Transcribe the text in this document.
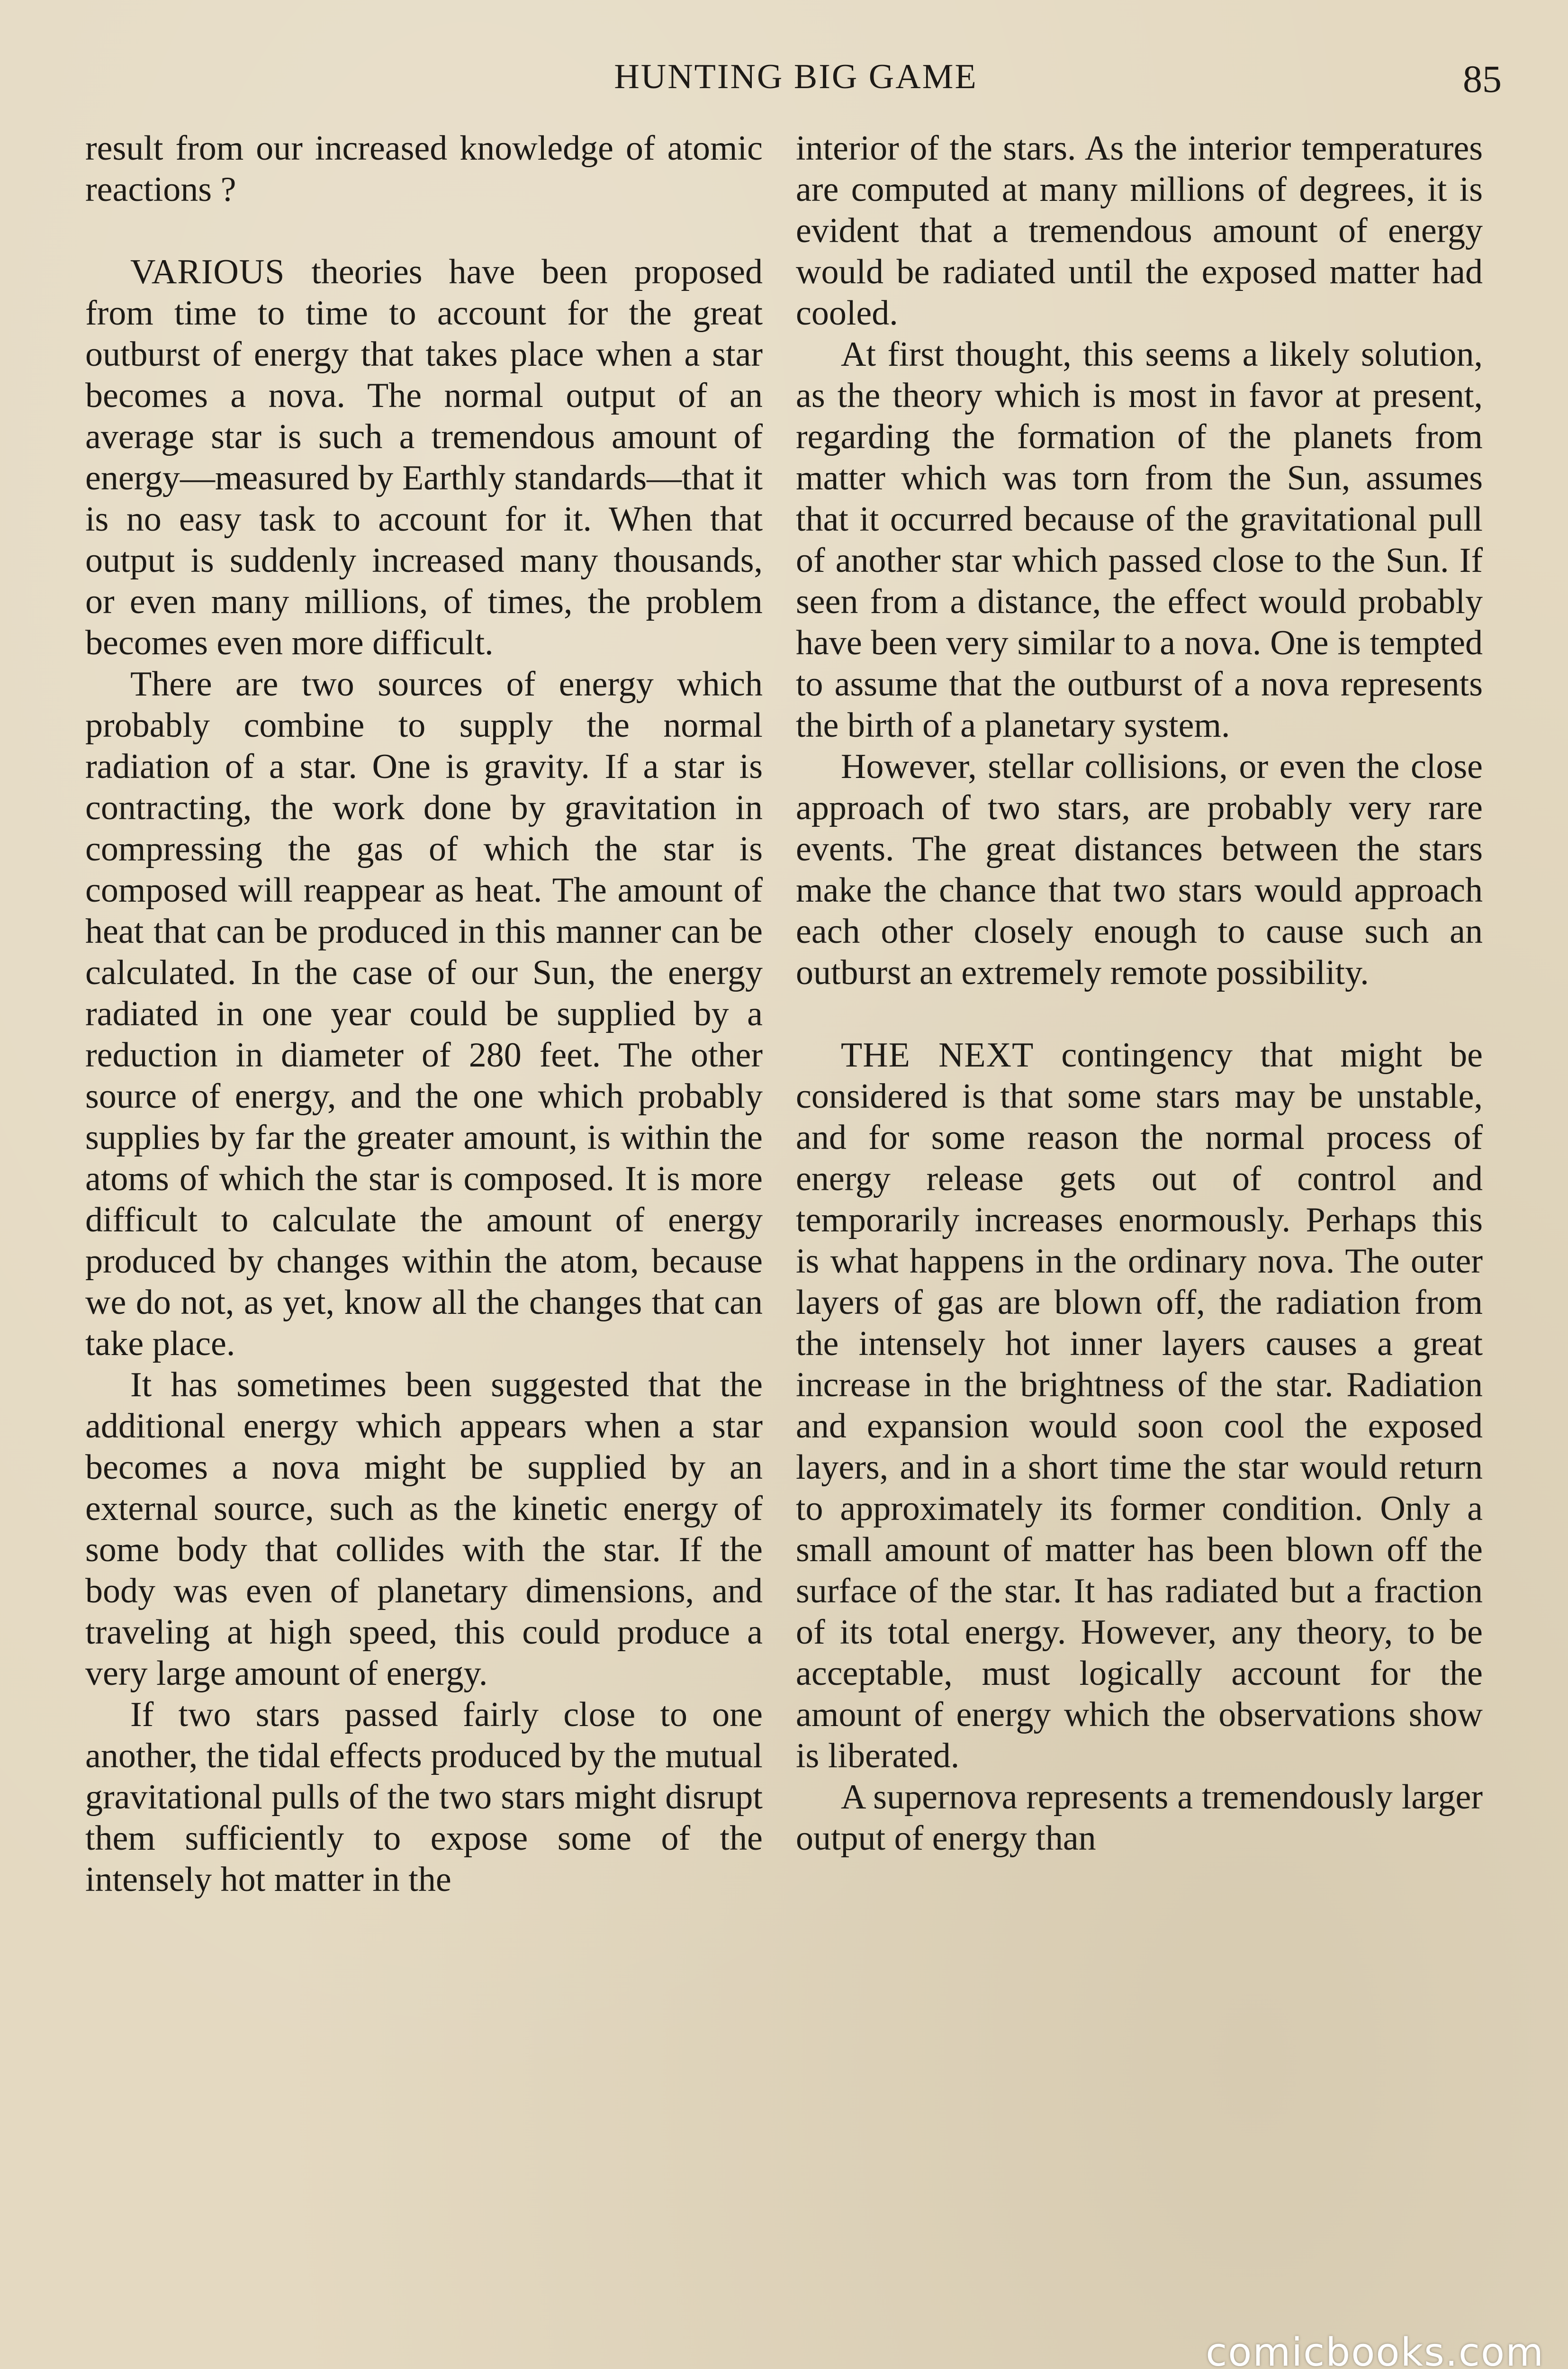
HUNTING BIG GAME	85

result from our increased knowledge of atomic reactions ?

VARIOUS theories have been proposed from time to time to account for the great outburst of energy that takes place when a star becomes a nova. The normal output of an average star is such a tremendous amount of energy—measured by Earthly standards—that it is no easy task to account for it. When that output is suddenly increased many thousands, or even many millions, of times, the problem becomes even more difficult.

There are two sources of energy which probably combine to supply the normal radiation of a star. One is gravity. If a star is contracting, the work done by gravitation in compressing the gas of which the star is composed will reappear as heat. The amount of heat that can be produced in this manner can be calculated. In the case of our Sun, the energy radiated in one year could be supplied by a reduction in diameter of 280 feet. The other source of energy, and the one which probably supplies by far the greater amount, is within the atoms of which the star is composed. It is more difficult to calculate the amount of energy produced by changes within the atom, because we do not, as yet, know all the changes that can take place.

It has sometimes been suggested that the additional energy which appears when a star becomes a nova might be supplied by an external source, such as the kinetic energy of some body that collides with the star. If the body was even of planetary dimensions, and traveling at high speed, this could produce a very large amount of energy.

If two stars passed fairly close to one another, the tidal effects produced by the mutual gravitational pulls of the two stars might disrupt them sufficiently to expose some of the intensely hot matter in the

interior of the stars. As the interior temperatures are computed at many millions of degrees, it is evident that a tremendous amount of energy would be radiated until the exposed matter had cooled.

At first thought, this seems a likely solution, as the theory which is most in favor at present, regarding the formation of the planets from matter which was torn from the Sun, assumes that it occurred because of the gravitational pull of another star which passed close to the Sun. If seen from a distance, the effect would probably have been very similar to a nova. One is tempted to assume that the outburst of a nova represents the birth of a planetary system.

However, stellar collisions, or even the close approach of two stars, are probably very rare events. The great distances between the stars make the chance that two stars would approach each other closely enough to cause such an outburst an extremely remote possibility.

THE NEXT contingency that might be considered is that some stars may be unstable, and for some reason the normal process of energy release gets out of control and temporarily increases enormously. Perhaps this is what happens in the ordinary nova. The outer layers of gas are blown off, the radiation from the intensely hot inner layers causes a great increase in the brightness of the star. Radiation and expansion would soon cool the exposed layers, and in a short time the star would return to approximately its former condition. Only a small amount of matter has been blown off the surface of the star. It has radiated but a fraction of its total energy. However, any theory, to be acceptable, must logically account for the amount of energy which the observations show is liberated.

A supernova represents a tremendously larger output of energy than

comicbooks.com
